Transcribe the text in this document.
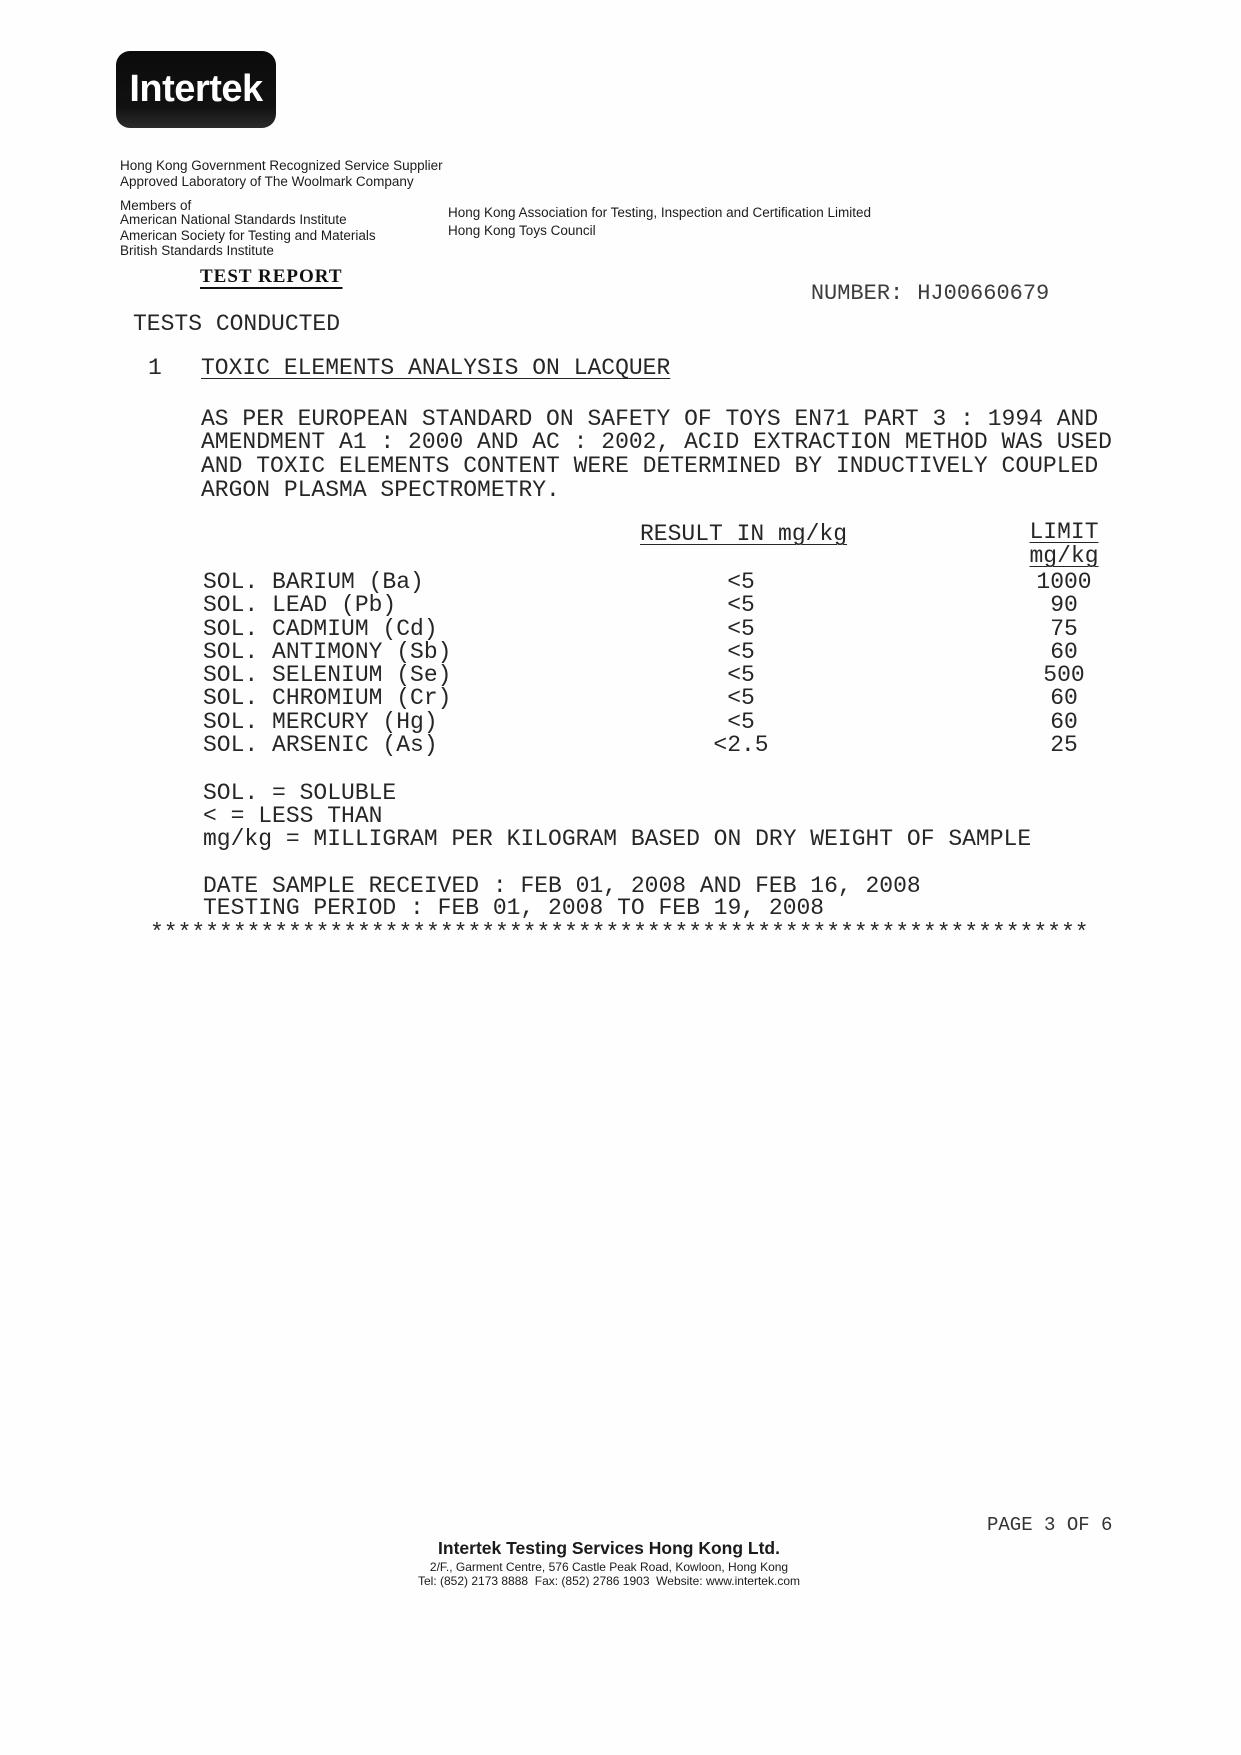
Intertek
Hong Kong Government Recognized Service Supplier
Approved Laboratory of The Woolmark Company
Members of
American National Standards Institute
American Society for Testing and Materials
British Standards Institute
Hong Kong Association for Testing, Inspection and Certification Limited
Hong Kong Toys Council
TEST REPORT

NUMBER: HJ00660679

TESTS CONDUCTED
1 TOXIC ELEMENTS ANALYSIS ON LACQUER
AS PER EUROPEAN STANDARD ON SAFETY OF TOYS EN71 PART 3 : 1994 AND
AMENDMENT A1 : 2000 AND AC : 2002, ACID EXTRACTION METHOD WAS USED
AND TOXIC ELEMENTS CONTENT WERE DETERMINED BY INDUCTIVELY COUPLED
ARGON PLASMA SPECTROMETRY.
RESULT IN mg/kg	LIMIT
mg/kg
SOL. BARIUM (Ba)	<5	1000
SOL. LEAD (Pb)	<5	90
SOL. CADMIUM (Cd)	<5	75
SOL. ANTIMONY (Sb)	<5	60
SOL. SELENIUM (Se)	<5	500
SOL. CHROMIUM (Cr)	<5	60
SOL. MERCURY (Hg)	<5	60
SOL. ARSENIC (As)	<2.5	25
SOL. = SOLUBLE
< = LESS THAN
mg/kg = MILLIGRAM PER KILOGRAM BASED ON DRY WEIGHT OF SAMPLE
DATE SAMPLE RECEIVED : FEB 01, 2008 AND FEB 16, 2008
TESTING PERIOD : FEB 01, 2008 TO FEB 19, 2008
********************************************************************
PAGE 3 OF 6
Intertek Testing Services Hong Kong Ltd.
2/F., Garment Centre, 576 Castle Peak Road, Kowloon, Hong Kong
Tel: (852) 2173 8888  Fax: (852) 2786 1903  Website: www.intertek.com
